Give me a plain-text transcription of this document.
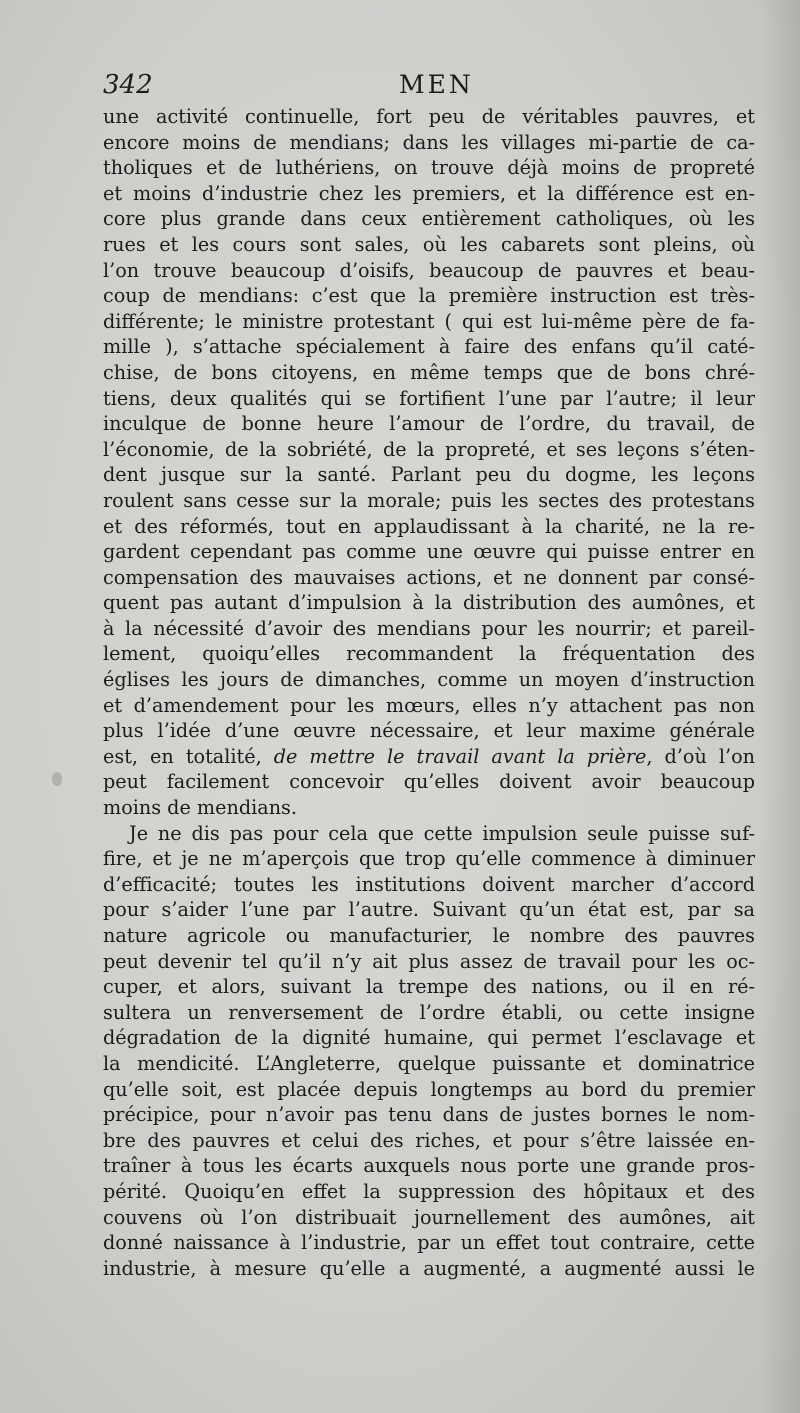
342	MEN
une activité continuelle, fort peu de véritables pauvres, et
encore moins de mendians; dans les villages mi-partie de ca-
tholiques et de luthériens, on trouve déjà moins de propreté
et moins d’industrie chez les premiers, et la différence est en-
core plus grande dans ceux entièrement catholiques, où les
rues et les cours sont sales, où les cabarets sont pleins, où
l’on trouve beaucoup d’oisifs, beaucoup de pauvres et beau-
coup de mendians: c’est que la première instruction est très-
différente; le ministre protestant ( qui est lui-même père de fa-
mille ), s’attache spécialement à faire des enfans qu’il caté-
chise, de bons citoyens, en même temps que de bons chré-
tiens, deux qualités qui se fortifient l’une par l’autre; il leur
inculque de bonne heure l’amour de l’ordre, du travail, de
l’économie, de la sobriété, de la propreté, et ses leçons s’éten-
dent jusque sur la santé. Parlant peu du dogme, les leçons
roulent sans cesse sur la morale; puis les sectes des protestans
et des réformés, tout en applaudissant à la charité, ne la re-
gardent cependant pas comme une œuvre qui puisse entrer en
compensation des mauvaises actions, et ne donnent par consé-
quent pas autant d’impulsion à la distribution des aumônes, et
à la nécessité d’avoir des mendians pour les nourrir; et pareil-
lement, quoiqu’elles recommandent la fréquentation des
églises les jours de dimanches, comme un moyen d’instruction
et d’amendement pour les mœurs, elles n’y attachent pas non
plus l’idée d’une œuvre nécessaire, et leur maxime générale
est, en totalité, de mettre le travail avant la prière, d’où l’on
peut facilement concevoir qu’elles doivent avoir beaucoup
moins de mendians.
Je ne dis pas pour cela que cette impulsion seule puisse suf-
fire, et je ne m’aperçois que trop qu’elle commence à diminuer
d’efficacité; toutes les institutions doivent marcher d’accord
pour s’aider l’une par l’autre. Suivant qu’un état est, par sa
nature agricole ou manufacturier, le nombre des pauvres
peut devenir tel qu’il n’y ait plus assez de travail pour les oc-
cuper, et alors, suivant la trempe des nations, ou il en ré-
sultera un renversement de l’ordre établi, ou cette insigne
dégradation de la dignité humaine, qui permet l’esclavage et
la mendicité. L’Angleterre, quelque puissante et dominatrice
qu’elle soit, est placée depuis longtemps au bord du premier
précipice, pour n’avoir pas tenu dans de justes bornes le nom-
bre des pauvres et celui des riches, et pour s’être laissée en-
traîner à tous les écarts auxquels nous porte une grande pros-
périté. Quoiqu’en effet la suppression des hôpitaux et des
couvens où l’on distribuait journellement des aumônes, ait
donné naissance à l’industrie, par un effet tout contraire, cette
industrie, à mesure qu’elle a augmenté, a augmenté aussi le
